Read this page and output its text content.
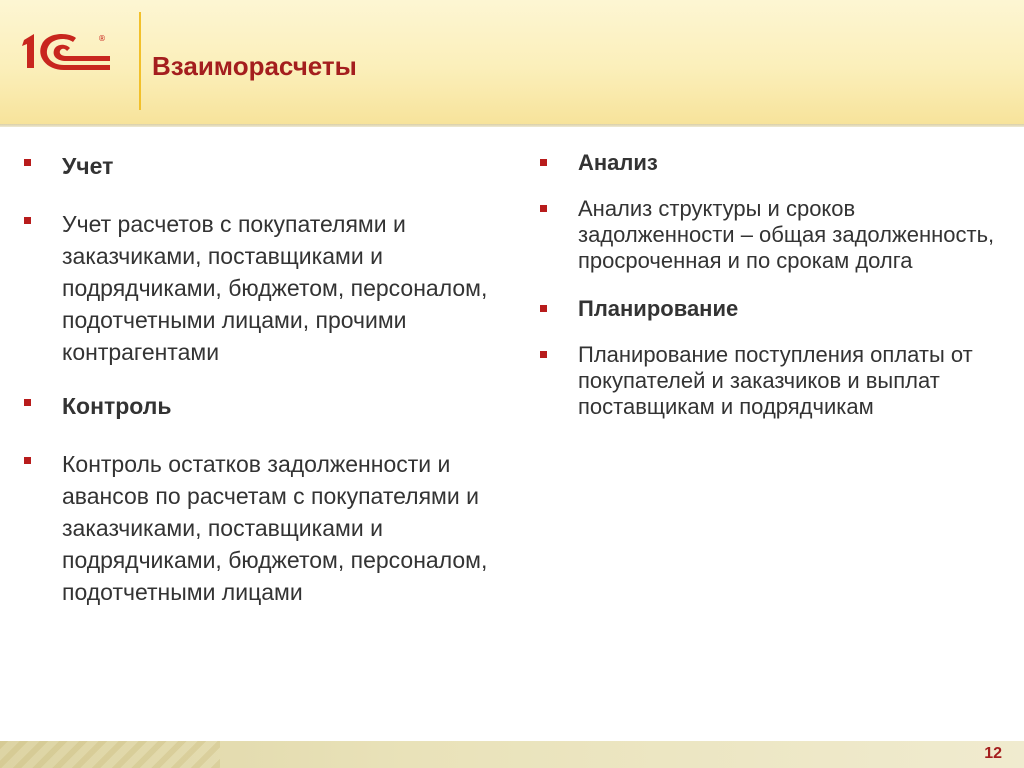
®
Взаиморасчеты
Учет
Учет расчетов с покупателями и заказчиками, поставщиками и подрядчиками, бюджетом, персоналом, подотчетными лицами, прочими контрагентами
Контроль
Контроль остатков задолженности и авансов по расчетам с покупателями и заказчиками, поставщиками и подрядчиками, бюджетом, персоналом, подотчетными лицами
Анализ
Анализ структуры и сроков задолженности – общая задолженность, просроченная и по срокам долга
Планирование
Планирование поступления оплаты от покупателей и заказчиков и выплат поставщикам и подрядчикам
12
